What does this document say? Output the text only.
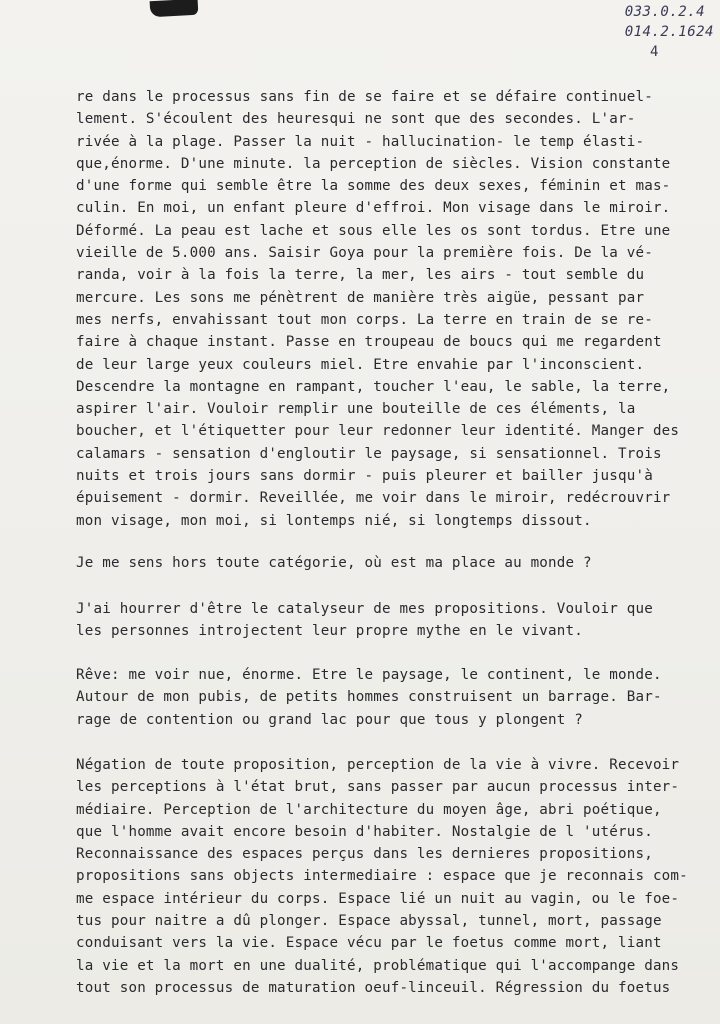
033.0.2.4
014.2.1624
4
re dans le processus sans fin de se faire et se défaire continuel-
lement. S'écoulent des heuresqui ne sont que des secondes. L'ar-
rivée à la plage. Passer la nuit - hallucination- le temp élasti-
que,énorme. D'une minute. la perception de siècles. Vision constante
d'une forme qui semble être la somme des deux sexes, féminin et mas-
culin. En moi, un enfant pleure d'effroi. Mon visage dans le miroir.
Déformé. La peau est lache et sous elle les os sont tordus. Etre une
vieille de 5.000 ans. Saisir Goya pour la première fois. De la vé-
randa, voir à la fois la terre, la mer, les airs - tout semble du
mercure. Les sons me pénètrent de manière très aigüe, pessant par
mes nerfs, envahissant tout mon corps. La terre en train de se re-
faire à chaque instant. Passe en troupeau de boucs qui me regardent
de leur large yeux couleurs miel. Etre envahie par l'inconscient.
Descendre la montagne en rampant, toucher l'eau, le sable, la terre,
aspirer l'air. Vouloir remplir une bouteille de ces éléments, la
boucher, et l'étiquetter pour leur redonner leur identité. Manger des
calamars - sensation d'engloutir le paysage, si sensationnel. Trois
nuits et trois jours sans dormir - puis pleurer et bailler jusqu'à
épuisement - dormir. Reveillée, me voir dans le miroir, redécrouvrir
mon visage, mon moi, si lontemps nié, si longtemps dissout.
Je me sens hors toute catégorie, où est ma place au monde ?
J'ai hourrer d'être le catalyseur de mes propositions. Vouloir que
les personnes introjectent leur propre mythe en le vivant.
Rêve: me voir nue, énorme. Etre le paysage, le continent, le monde.
Autour de mon pubis, de petits hommes construisent un barrage. Bar-
rage de contention ou grand lac pour que tous y plongent ?
Négation de toute proposition, perception de la vie à vivre. Recevoir
les perceptions à l'état brut, sans passer par aucun processus inter-
médiaire. Perception de l'architecture du moyen âge, abri poétique,
que l'homme avait encore besoin d'habiter. Nostalgie de l 'utérus.
Reconnaissance des espaces perçus dans les dernieres propositions,
propositions sans objects intermediaire : espace que je reconnais com-
me espace intérieur du corps. Espace lié un nuit au vagin, ou le foe-
tus pour naitre a dû plonger. Espace abyssal, tunnel, mort, passage
conduisant vers la vie. Espace vécu par le foetus comme mort, liant
la vie et la mort en une dualité, problématique qui l'accompange dans
tout son processus de maturation oeuf-linceuil. Régression du foetus
